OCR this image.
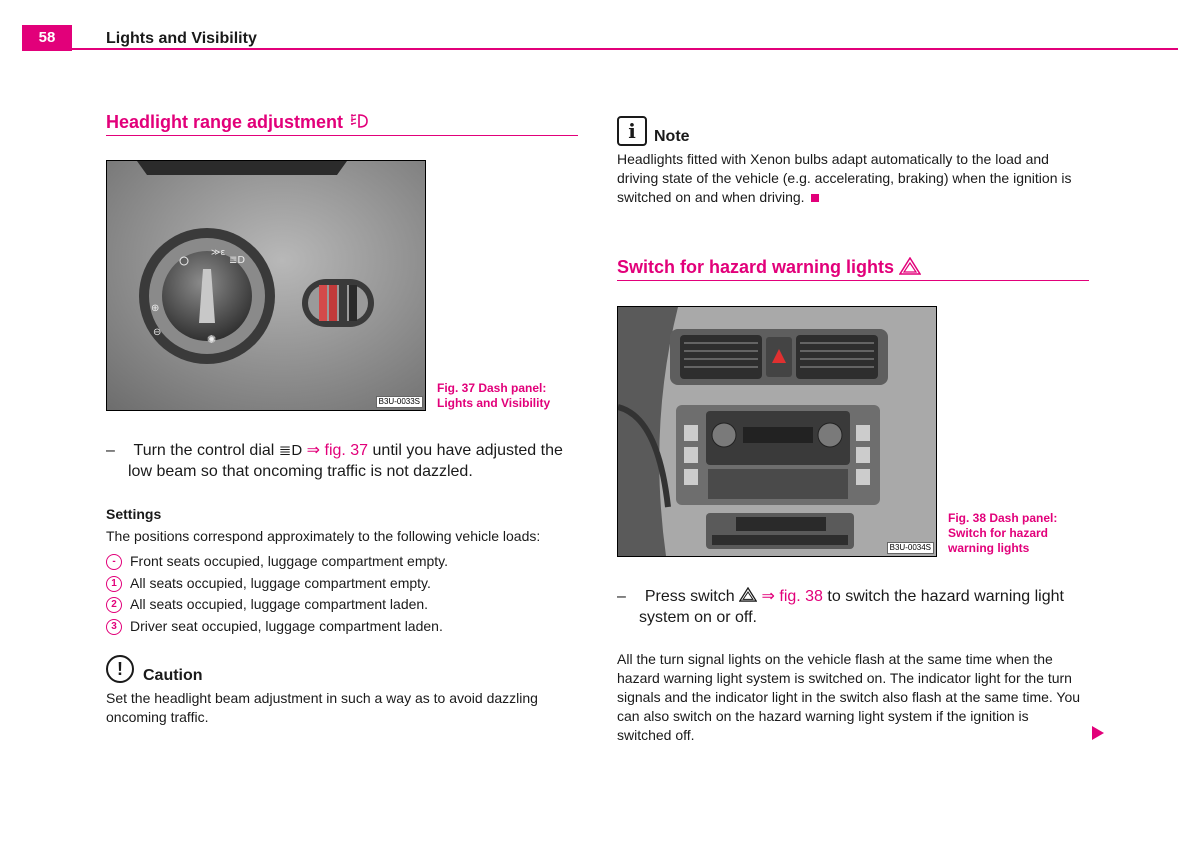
58	Lights and Visibility
Headlight range adjustment
≫ε
≣D
⊕
⊖
✺
B3U-0033S
Fig. 37 Dash panel:
Lights and Visibility
– Turn the control dial ≣D ⇒ fig. 37 until you have adjusted the
low beam so that oncoming traffic is not dazzled.
Settings
The positions correspond approximately to the following vehicle loads:
- Front seats occupied, luggage compartment empty.
1 All seats occupied, luggage compartment empty.
2 All seats occupied, luggage compartment laden.
3 Driver seat occupied, luggage compartment laden.
!	Caution
Set the headlight beam adjustment in such a way as to avoid dazzling
oncoming traffic.
i	Note
Headlights fitted with Xenon bulbs adapt automatically to the load and
driving state of the vehicle (e.g. accelerating, braking) when the ignition is
switched on and when driving.
Switch for hazard warning lights
B3U-0034S
Fig. 38 Dash panel:
Switch for hazard
warning lights
– Press switch ⇒ fig. 38 to switch the hazard warning light
system on or off.
All the turn signal lights on the vehicle flash at the same time when the
hazard warning light system is switched on. The indicator light for the turn
signals and the indicator light in the switch also flash at the same time. You
can also switch on the hazard warning light system if the ignition is
switched off.
